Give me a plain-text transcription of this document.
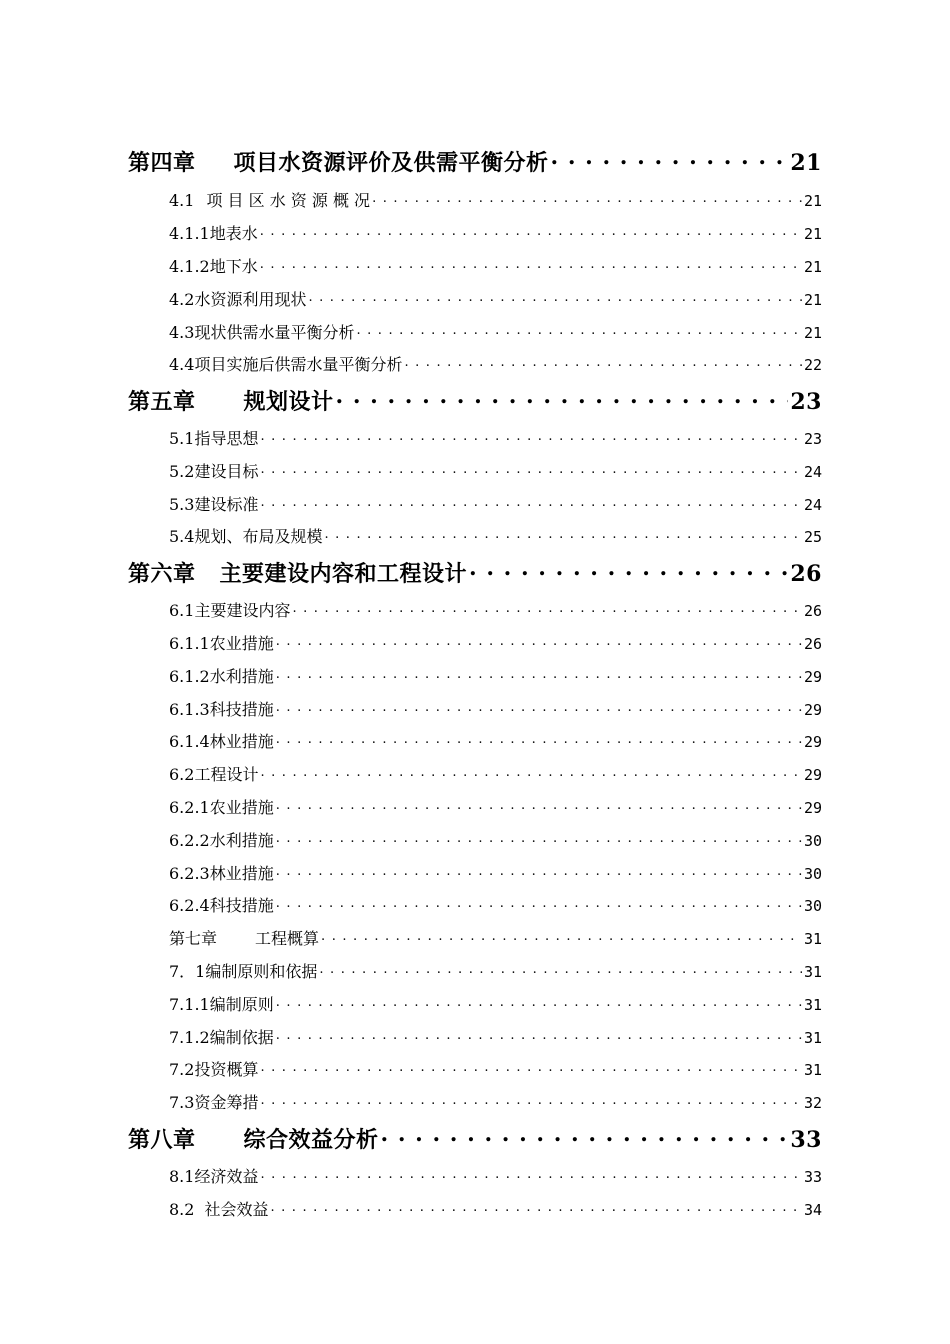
第四章 项目水资源评价及供需平衡分析 . . .	21
4.1 项 目 区 水 资 源 概 况 . . .	21
4.1.1 地表水 . . .	21
4.1.2 地下水 . . .	21
4.2 水资源利用现状 . . .	21
4.3 现状供需水量平衡分析 . . .	21
4.4 项目实施后供需水量平衡分析 . . .	22
第五章 规划设计 . . .	23
5.1 指导思想 . . .	23
5.2 建设目标 . . .	24
5.3 建设标准 . . .	24
5.4 规划、布局及规模 . . .	25
第六章 主要建设内容和工程设计 . . .	26
6.1 主要建设内容 . . .	26
6.1.1 农业措施 . . .	26
6.1.2 水利措施 . . .	29
6.1.3 科技措施 . . .	29
6.1.4 林业措施 . . .	29
6.2 工程设计 . . .	29
6.2.1 农业措施 . . .	29
6.2.2 水利措施 . . .	30
6.2.3 林业措施 . . .	30
6.2.4 科技措施 . . .	30
第七章 工程概算 . . .	31
7．1 编制原则和依据 . . .	31
7.1.1 编制原则 . . .	31
7.1.2 编制依据 . . .	31
7.2 投资概算 . . .	31
7.3 资金筹措 . . .	32
第八章 综合效益分析 . . .	33
8.1 经济效益 . . .	33
8.2 社会效益 . . .	34
